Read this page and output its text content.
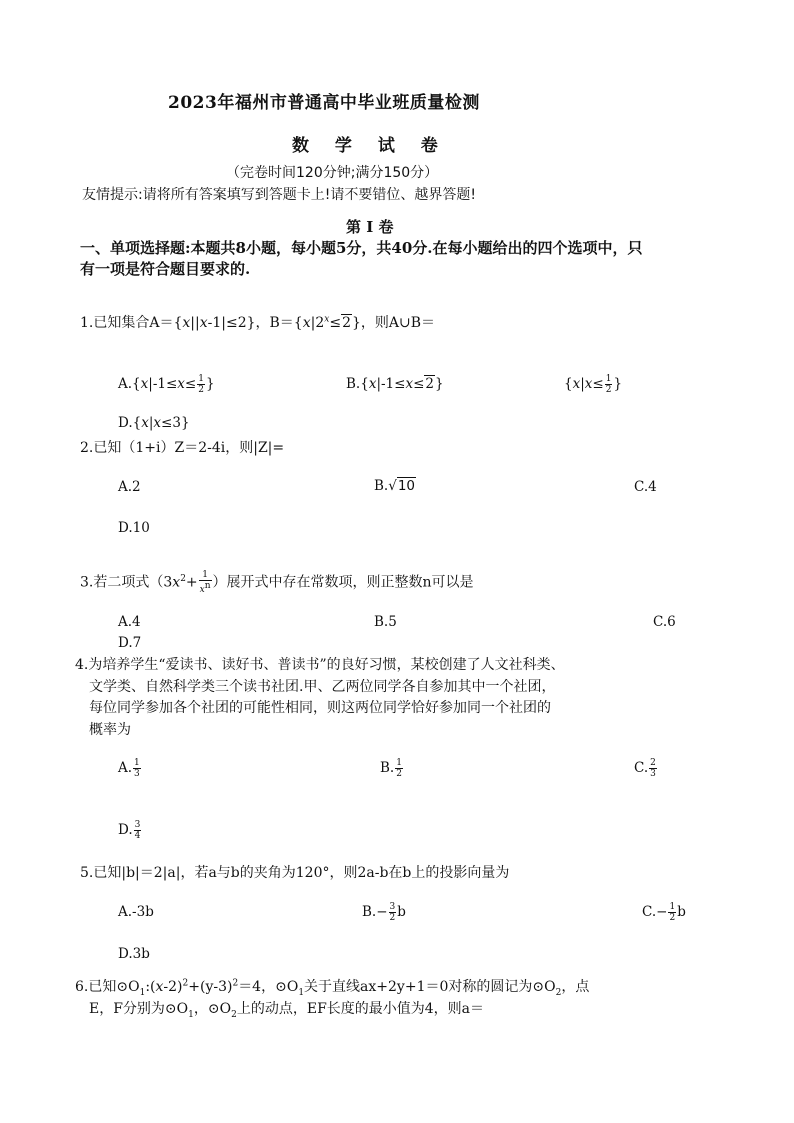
2023年福州市普通高中毕业班质量检测
数 学 试 卷
（完卷时间120分钟;满分150分）
友情提示:请将所有答案填写到答题卡上!请不要错位、越界答题!
第 I 卷
一、单项选择题:本题共8小题，每小题5分，共40分.在每小题给出的四个选项中，只
有一项是符合题目要求的.
1.已知集合A＝{x||x-1|≤2}，$B=\{x|2^x\le 2\}$，则A∪B＝
$A.\{x|-1\le x\le \frac{1}{2}$ }	B.{x|-1≤x≤2}	{$x|x\le \frac{1}{2}$ }
D.{x|x≤3}
2.已知（1+i）Z＝2-4i，则|Z|=
A.2	B.√10	C.4
D.10
3.若二项式（$3x^2+ \frac{1}{x^n}$ ）展开式中存在常数项，则正整数n可以是
A.4	B.5	C.6
D.7
4.为培养学生“爱读书、读好书、普读书”的良好习惯，某校创建了人文社科类、
文学类、自然科学类三个读书社团.甲、乙两位同学各自参加其中一个社团，
每位同学参加各个社团的可能性相同，则这两位同学恰好参加同一个社团的
概率为
A. $\frac{1}{3}$	B. $\frac{1}{2}$	C. $\frac{2}{3}$
D. $\frac{3}{4}$
5.已知|b|＝2|a|，若a与b的夹角为120°，则2a-b在b上的投影向量为
A.-3b	$B.- \frac{3}{2}$ b	$C.- \frac{1}{2}$ b
D.3b
6.已知$⊙O_1:(x-2)^2+(y-3)^2=4$，$⊙O_1$关于直线ax+2y+1＝0对称的圆记为$⊙O_2$，点
E，F分别为$⊙O_1$，$⊙O_2$上的动点，EF长度的最小值为4，则a＝
